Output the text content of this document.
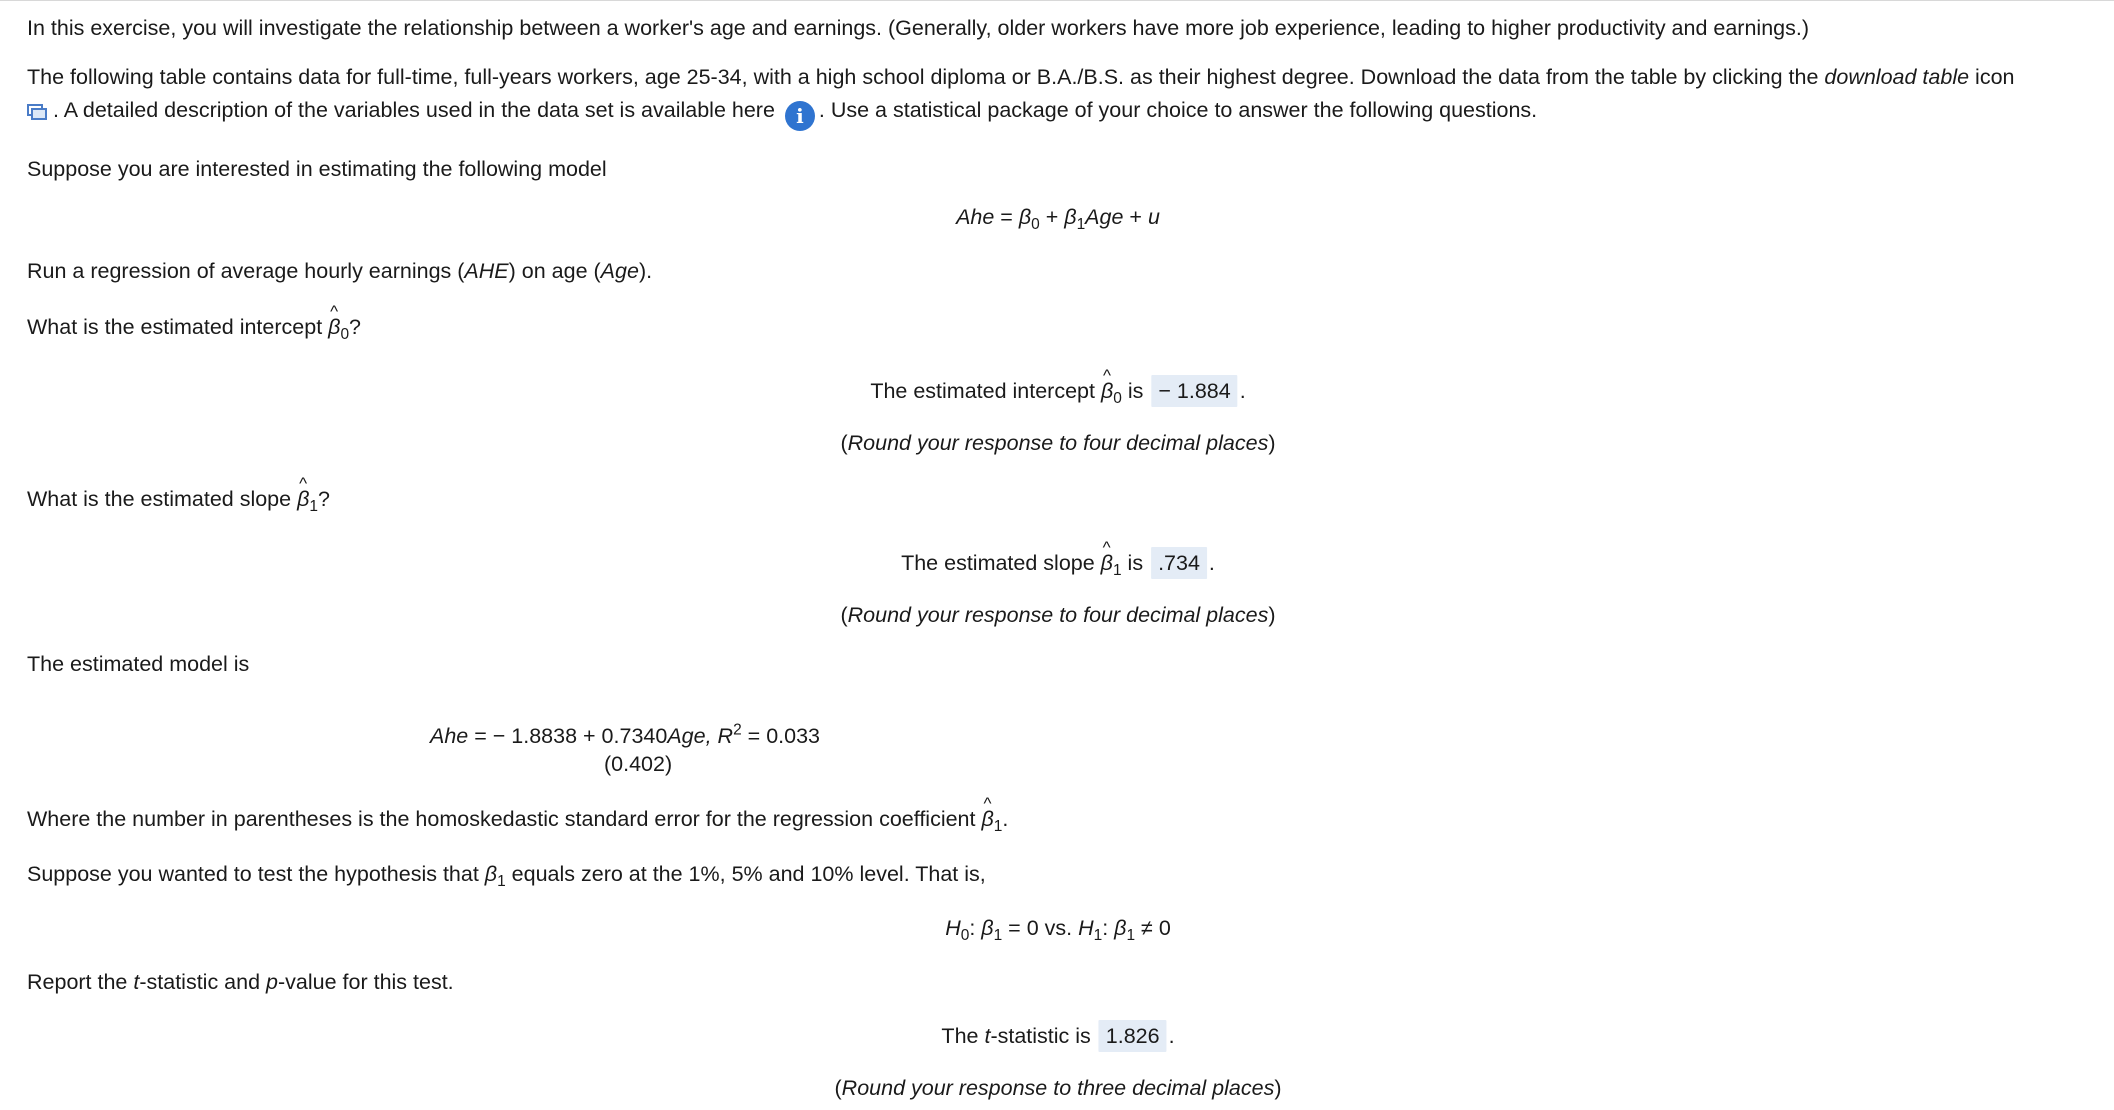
In this exercise, you will investigate the relationship between a worker's age and earnings. (Generally, older workers have more job experience, leading to higher productivity and earnings.)
The following table contains data for full-time, full-years workers, age 25-34, with a high school diploma or B.A./B.S. as their highest degree. Download the data from the table by clicking the download table icon
. A detailed description of the variables used in the data set is available here i . Use a statistical package of your choice to answer the following questions.
Suppose you are interested in estimating the following model
Ahe = $\beta_0 + \beta_1Age + u$
Run a regression of average hourly earnings (AHE) on age (Age).
What is the estimated intercept ^ $\beta_0$?
The estimated intercept ^ $\beta_0$ is − 1.884 .
(Round your response to four decimal places)
What is the estimated slope ^ $\beta_1$?
The estimated slope ^ $\beta_1$ is .734 .
(Round your response to four decimal places)
The estimated model is
Ahe = − 1.8838 + 0.7340Age, $R^2 = 0.033$
(0.402)
Where the number in parentheses is the homoskedastic standard error for the regression coefficient ^ $\beta_1$.
Suppose you wanted to test the hypothesis that $\beta_1$ equals zero at the 1%, 5% and 10% level. That is,
$H_0$: $\beta_1 = 0$ vs. $H_1$: $\beta_1 \ne 0$
Report the t-statistic and p-value for this test.
The t-statistic is 1.826 .
(Round your response to three decimal places)
